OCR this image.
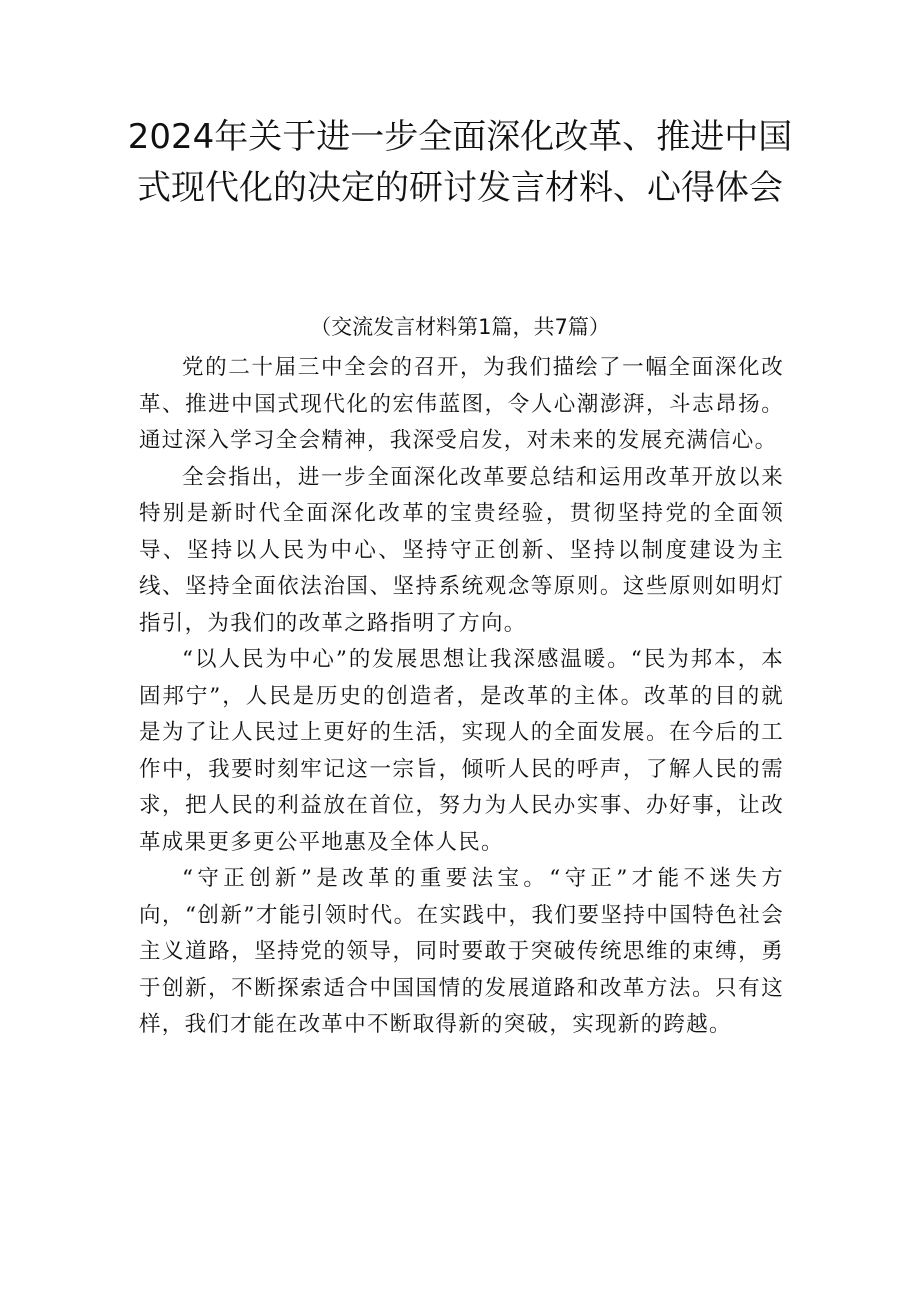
2024年关于进一步全面深化改革、推进中国式现代化的决定的研讨发言材料、心得体会
（交流发言材料第1篇，共7篇）

党的二十届三中全会的召开，为我们描绘了一幅全面深化改革、推进中国式现代化的宏伟蓝图，令人心潮澎湃，斗志昂扬。通过深入学习全会精神，我深受启发，对未来的发展充满信心。

全会指出，进一步全面深化改革要总结和运用改革开放以来特别是新时代全面深化改革的宝贵经验，贯彻坚持党的全面领导、坚持以人民为中心、坚持守正创新、坚持以制度建设为主线、坚持全面依法治国、坚持系统观念等原则。这些原则如明灯指引，为我们的改革之路指明了方向。

“以人民为中心”的发展思想让我深感温暖。“民为邦本，本固邦宁”，人民是历史的创造者，是改革的主体。改革的目的就是为了让人民过上更好的生活，实现人的全面发展。在今后的工作中，我要时刻牢记这一宗旨，倾听人民的呼声，了解人民的需求，把人民的利益放在首位，努力为人民办实事、办好事，让改革成果更多更公平地惠及全体人民。

“守正创新”是改革的重要法宝。“守正”才能不迷失方向，“创新”才能引领时代。在实践中，我们要坚持中国特色社会主义道路，坚持党的领导，同时要敢于突破传统思维的束缚，勇于创新，不断探索适合中国国情的发展道路和改革方法。只有这样，我们才能在改革中不断取得新的突破，实现新的跨越。
